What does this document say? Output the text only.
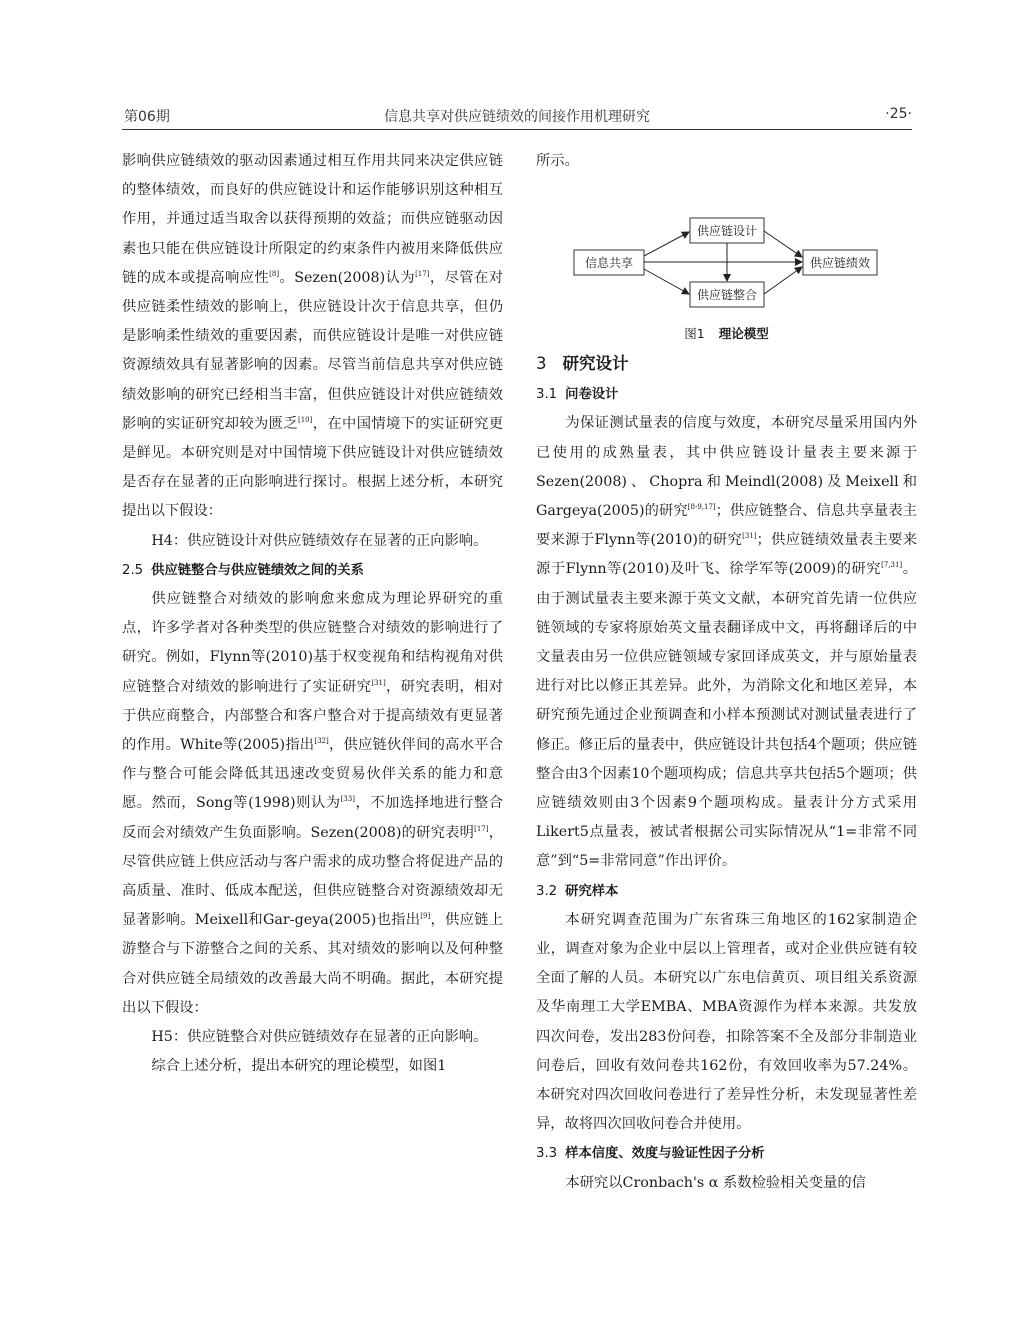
第06期	信息共享对供应链绩效的间接作用机理研究	·25·

影响供应链绩效的驱动因素通过相互作用共同来决定供应链的整体绩效，而良好的供应链设计和运作能够识别这种相互作用，并通过适当取舍以获得预期的效益；而供应链驱动因素也只能在供应链设计所限定的约束条件内被用来降低供应链的成本或提高响应性[8]。Sezen(2008)认为[17]，尽管在对供应链柔性绩效的影响上，供应链设计次于信息共享，但仍是影响柔性绩效的重要因素，而供应链设计是唯一对供应链资源绩效具有显著影响的因素。尽管当前信息共享对供应链绩效影响的研究已经相当丰富，但供应链设计对供应链绩效影响的实证研究却较为匮乏[10]，在中国情境下的实证研究更是鲜见。本研究则是对中国情境下供应链设计对供应链绩效是否存在显著的正向影响进行探讨。根据上述分析，本研究提出以下假设：

H4：供应链设计对供应链绩效存在显著的正向影响。

2.5 供应链整合与供应链绩效之间的关系

供应链整合对绩效的影响愈来愈成为理论界研究的重点，许多学者对各种类型的供应链整合对绩效的影响进行了研究。例如，Flynn等(2010)基于权变视角和结构视角对供应链整合对绩效的影响进行了实证研究[31]，研究表明，相对于供应商整合，内部整合和客户整合对于提高绩效有更显著的作用。White等(2005)指出[32]，供应链伙伴间的高水平合作与整合可能会降低其迅速改变贸易伙伴关系的能力和意愿。然而，Song等(1998)则认为[33]，不加选择地进行整合反而会对绩效产生负面影响。Sezen(2008)的研究表明[17]，尽管供应链上供应活动与客户需求的成功整合将促进产品的高质量、准时、低成本配送，但供应链整合对资源绩效却无显著影响。Meixell和Gar-geya(2005)也指出[9]，供应链上游整合与下游整合之间的关系、其对绩效的影响以及何种整合对供应链全局绩效的改善最大尚不明确。据此，本研究提出以下假设：

H5：供应链整合对供应链绩效存在显著的正向影响。

综合上述分析，提出本研究的理论模型，如图1

所示。

信息共享
供应链设计
供应链整合
供应链绩效

图1 理论模型

3 研究设计

3.1 问卷设计

为保证测试量表的信度与效度，本研究尽量采用国内外已使用的成熟量表，其中供应链设计量表主要来源于Sezen(2008)、Chopra和Meindl(2008)及Meixell和Gargeya(2005)的研究[8-9,17]；供应链整合、信息共享量表主要来源于Flynn等(2010)的研究[31]；供应链绩效量表主要来源于Flynn等(2010)及叶飞、徐学军等(2009)的研究[7,31]。由于测试量表主要来源于英文文献，本研究首先请一位供应链领域的专家将原始英文量表翻译成中文，再将翻译后的中文量表由另一位供应链领域专家回译成英文，并与原始量表进行对比以修正其差异。此外，为消除文化和地区差异，本研究预先通过企业预调查和小样本预测试对测试量表进行了修正。修正后的量表中，供应链设计共包括4个题项；供应链整合由3个因素10个题项构成；信息共享共包括5个题项；供应链绩效则由3个因素9个题项构成。量表计分方式采用Likert5点量表，被试者根据公司实际情况从“1=非常不同意”到“5=非常同意”作出评价。

3.2 研究样本

本研究调查范围为广东省珠三角地区的162家制造企业，调查对象为企业中层以上管理者，或对企业供应链有较全面了解的人员。本研究以广东电信黄页、项目组关系资源及华南理工大学EMBA、MBA资源作为样本来源。共发放四次问卷，发出283份问卷，扣除答案不全及部分非制造业问卷后，回收有效问卷共162份，有效回收率为57.24%。本研究对四次回收问卷进行了差异性分析，未发现显著性差异，故将四次回收问卷合并使用。

3.3 样本信度、效度与验证性因子分析

本研究以Cronbach's α 系数检验相关变量的信
